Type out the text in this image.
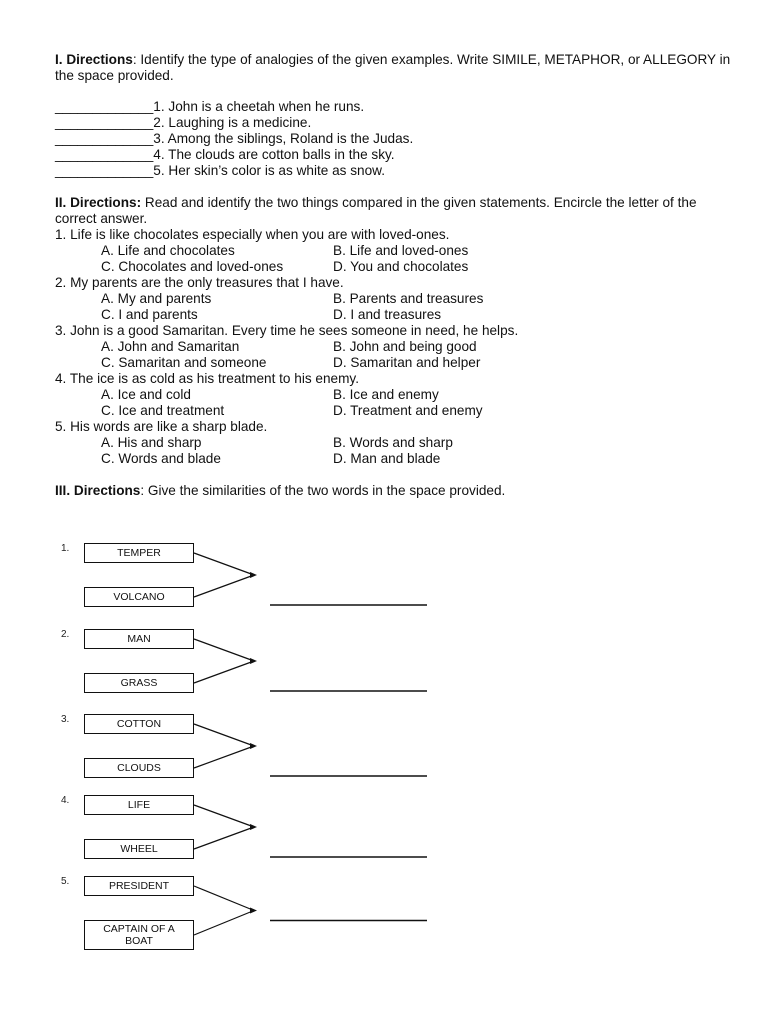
I. Directions: Identify the type of analogies of the given examples. Write SIMILE, METAPHOR, or ALLEGORY in the space provided.

_____________1. John is a cheetah when he runs.
_____________2. Laughing is a medicine.
_____________3. Among the siblings, Roland is the Judas.
_____________4. The clouds are cotton balls in the sky.
_____________5. Her skin’s color is as white as snow.

II. Directions: Read and identify the two things compared in the given statements. Encircle the letter of the correct answer.

1. Life is like chocolates especially when you are with loved-ones.
A. Life and chocolates	B. Life and loved-ones
C. Chocolates and loved-ones	D. You and chocolates
2. My parents are the only treasures that I have.
A. My and parents	B. Parents and treasures
C. I and parents	D. I and treasures
3. John is a good Samaritan. Every time he sees someone in need, he helps.
A. John and Samaritan	B. John and being good
C. Samaritan and someone	D. Samaritan and helper
4. The ice is as cold as his treatment to his enemy.
A. Ice and cold	B. Ice and enemy
C. Ice and treatment	D. Treatment and enemy
5. His words are like a sharp blade.
A. His and sharp	B. Words and sharp
C. Words and blade	D. Man and blade

III. Directions: Give the similarities of the two words in the space provided.

1.	TEMPER
VOLCANO
2.	MAN
GRASS
3.	COTTON
CLOUDS
4.	LIFE
WHEEL
5.	PRESIDENT
CAPTAIN OF A BOAT
